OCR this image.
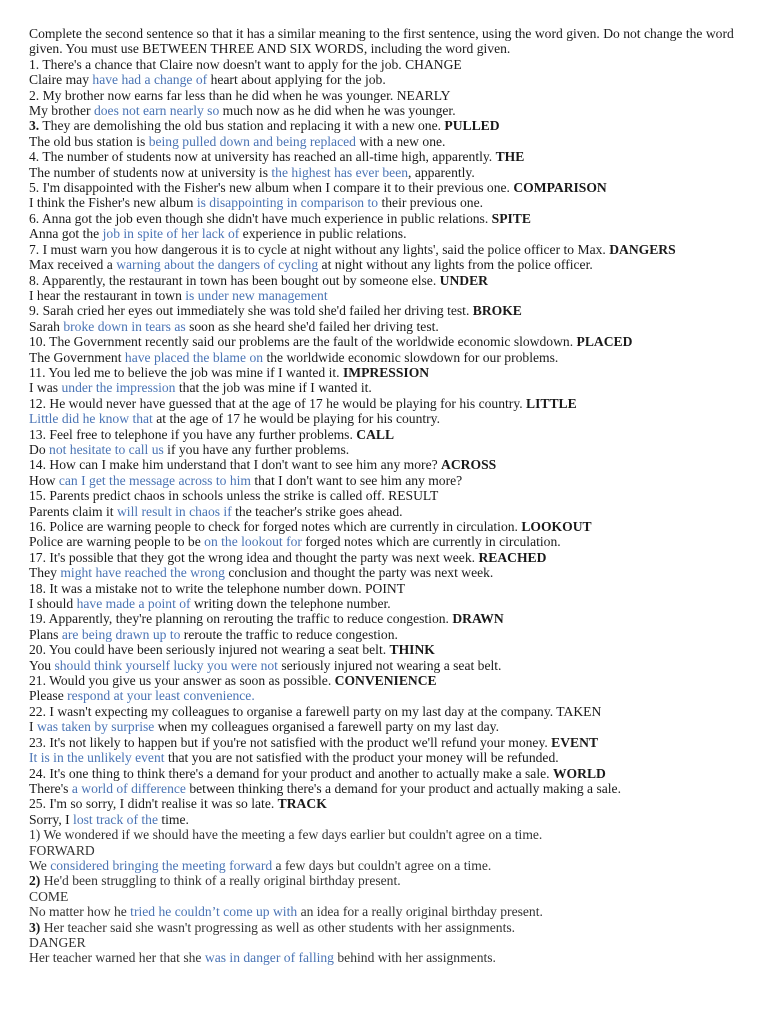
Complete the second sentence so that it has a similar meaning to the first sentence, using the word given. Do not change the word given. You must use BETWEEN THREE AND SIX WORDS, including the word given.

1. There's a chance that Claire now doesn't want to apply for the job. CHANGE
Claire may have had a change of heart about applying for the job.
2. My brother now earns far less than he did when he was younger. NEARLY
My brother does not earn nearly so much now as he did when he was younger.
3. They are demolishing the old bus station and replacing it with a new one. PULLED
The old bus station is being pulled down and being replaced with a new one.
4. The number of students now at university has reached an all-time high, apparently. THE
The number of students now at university is the highest has ever been, apparently.
5. I'm disappointed with the Fisher's new album when I compare it to their previous one. COMPARISON
I think the Fisher's new album is disappointing in comparison to their previous one.
6. Anna got the job even though she didn't have much experience in public relations. SPITE
Anna got the job in spite of her lack of experience in public relations.
7. I must warn you how dangerous it is to cycle at night without any lights', said the police officer to Max. DANGERS
Max received a warning about the dangers of cycling at night without any lights from the police officer.
8. Apparently, the restaurant in town has been bought out by someone else. UNDER
I hear the restaurant in town is under new management
9. Sarah cried her eyes out immediately she was told she'd failed her driving test. BROKE
Sarah broke down in tears as soon as she heard she'd failed her driving test.
10. The Government recently said our problems are the fault of the worldwide economic slowdown. PLACED
The Government have placed the blame on the worldwide economic slowdown for our problems.
11. You led me to believe the job was mine if I wanted it. IMPRESSION
I was under the impression that the job was mine if I wanted it.
12. He would never have guessed that at the age of 17 he would be playing for his country. LITTLE
Little did he know that at the age of 17 he would be playing for his country.
13. Feel free to telephone if you have any further problems. CALL
Do not hesitate to call us if you have any further problems.
14. How can I make him understand that I don't want to see him any more? ACROSS
How can I get the message across to him that I don't want to see him any more?
15. Parents predict chaos in schools unless the strike is called off. RESULT
Parents claim it will result in chaos if the teacher's strike goes ahead.
16. Police are warning people to check for forged notes which are currently in circulation. LOOKOUT
Police are warning people to be on the lookout for forged notes which are currently in circulation.
17. It's possible that they got the wrong idea and thought the party was next week. REACHED
They might have reached the wrong conclusion and thought the party was next week.
18. It was a mistake not to write the telephone number down. POINT
I should have made a point of writing down the telephone number.
19. Apparently, they're planning on rerouting the traffic to reduce congestion. DRAWN
Plans are being drawn up to reroute the traffic to reduce congestion.
20. You could have been seriously injured not wearing a seat belt. THINK
You should think yourself lucky you were not seriously injured not wearing a seat belt.
21. Would you give us your answer as soon as possible. CONVENIENCE
Please respond at your least convenience.
22. I wasn't expecting my colleagues to organise a farewell party on my last day at the company. TAKEN
I was taken by surprise when my colleagues organised a farewell party on my last day.
23. It's not likely to happen but if you're not satisfied with the product we'll refund your money. EVENT
It is in the unlikely event that you are not satisfied with the product your money will be refunded.
24. It's one thing to think there's a demand for your product and another to actually make a sale. WORLD
There's a world of difference between thinking there's a demand for your product and actually making a sale.
25. I'm so sorry, I didn't realise it was so late. TRACK
Sorry, I lost track of the time.
1) We wondered if we should have the meeting a few days earlier but couldn't agree on a time.
FORWARD
We considered bringing the meeting forward a few days but couldn't agree on a time.
2) He'd been struggling to think of a really original birthday present.
COME
No matter how he tried he couldn’t come up with an idea for a really original birthday present.
3) Her teacher said she wasn't progressing as well as other students with her assignments.
DANGER
Her teacher warned her that she was in danger of falling behind with her assignments.
